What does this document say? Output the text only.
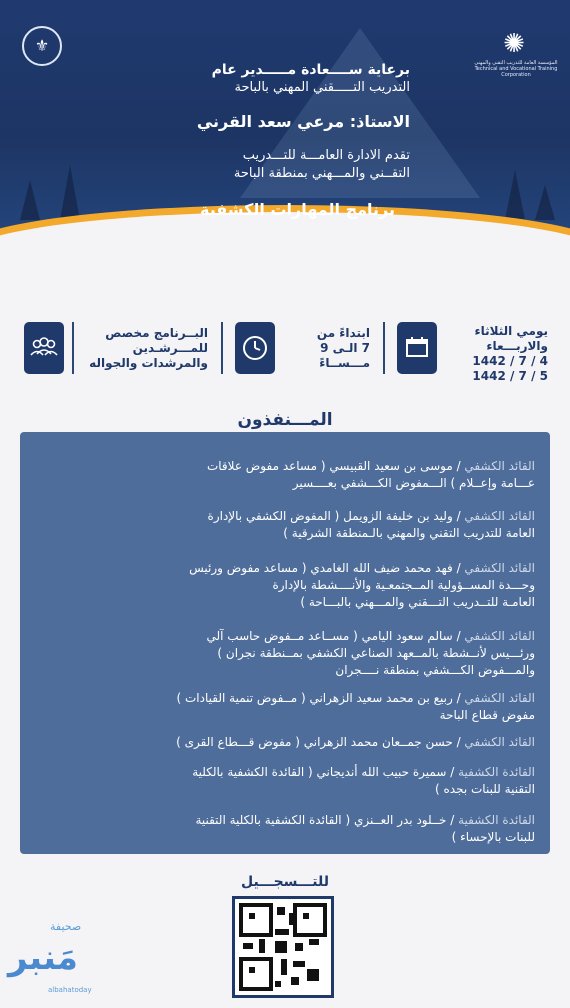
✺
المؤسسة العامة للتدريب التقني والمهني Technical and Vocational Training Corporation
⚜
برعاية ســــعادة مـــــدير عام
التدريب التـــــقني المهني بالباحة
الاستاذ: مرعي سعد القرني
تقدم الادارة العامـــة للتـــدريب
التقــني والمـــهني بمنطقة الباحة
برنامج المهارات الكشفية
يومي الثلاثاء
والاربـــعاء
1442 / 7 / 4
1442 / 7 / 5
ابتداءً من
7 الـى 9
مـــســاءً
البــرنامج مخصص
للمـــرشـدين
والمرشدات والجواله
المـــنفذون
القائد الكشفي / موسى بن سعيد القبيسي ( مساعد مفوض علاقات
عـــامة وإعــلام ) الـــمفوض الكـــشفي بعــــسير
القائد الكشفي / وليد بن خليفة الزويمل ( المفوض الكشفي بالإدارة
العامة للتدريب التقني والمهني بالـمنطقة الشرقية )
القائد الكشفي / فهد محمد ضيف الله الغامدي ( مساعد مفوض ورئيس
وحـــدة المســؤولية المــجتمعـية والأنــــشطة بالإدارة
العامـة للتــدريب التـــقني والمـــهني بالبـــاحة )
القائد الكشفي / سالم سعود اليامي ( مســاعد مــفوض حاسب آلي
ورئـــيس لأنــشطة بالمــعهد الصناعي الكشفي بمــنطقة نجران )
والمـــفوض الكـــشفي بمنطقة نــــجران
القائد الكشفي / ربيع بن محمد سعيد الزهراني ( مــفوض تنمية القيادات )
مفوض قطاع الباحة
القائد الكشفي / حسن جمــعان محمد الزهراني ( مفوض قـــطاع القرى )
القائدة الكشفية / سميرة حبيب الله أنديجاني ( القائدة الكشفية بالكلية
التقنية للبنات بجده )
القائدة الكشفية / خــلود بدر العــنزي ( القائدة الكشفية بالكلية التقنية
للبنات بالإحساء )
للتـــسجـــيل
صحيفة
مَنبر
albahatoday
